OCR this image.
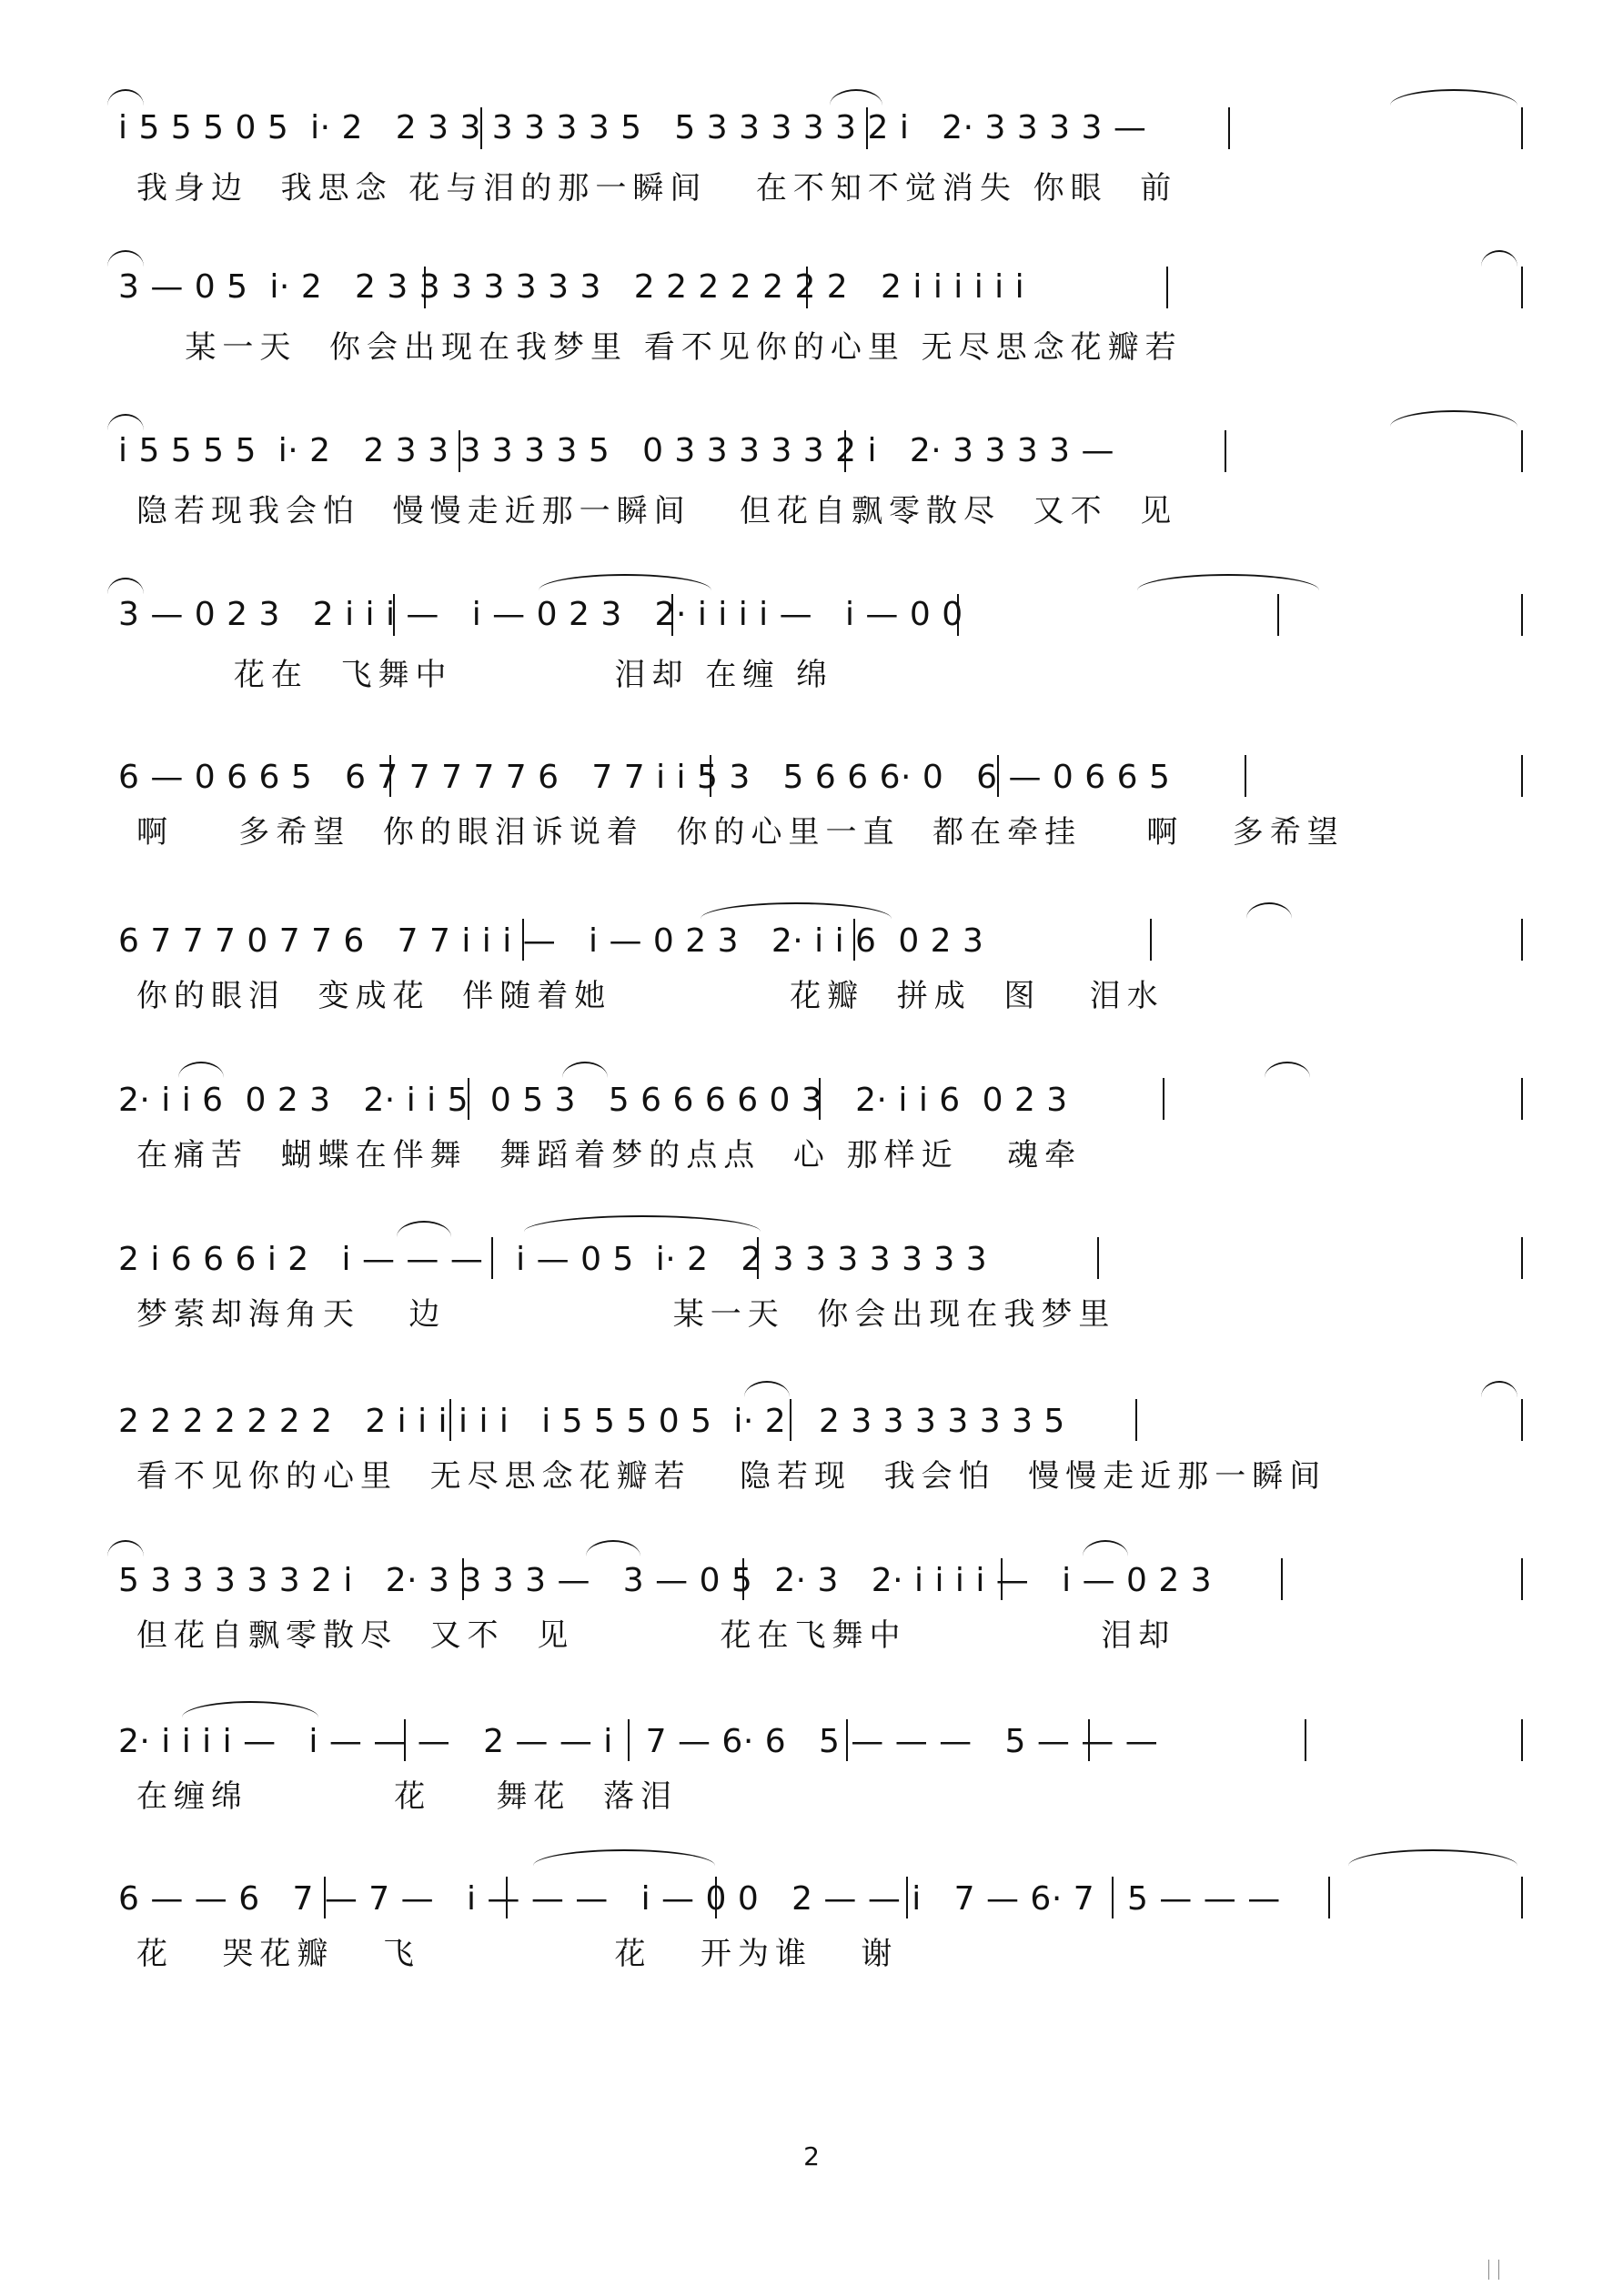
i 5 5 5 0 5  i· 2   2 3 3 3 3 3 3 5   5 3 3 3 3 3 2 i   2· 3 3 3 3 —
我身边  我思念 花与泪的那一瞬间   在不知不觉消失 你眼  前
3 — 0 5  i· 2   2 3 3 3 3 3 3 3   2 2 2 2 2 2 2   2 i i i i i i
某一天  你会出现在我梦里 看不见你的心里 无尽思念花瓣若
i 5 5 5 5  i· 2   2 3 3 3 3 3 3 5   0 3 3 3 3 3 2 i   2· 3 3 3 3 —
隐若现我会怕  慢慢走近那一瞬间   但花自飘零散尽  又不  见
3 — 0 2 3   2 i i i —   i — 0 2 3   2· i i i i —   i — 0 0
花在  飞舞中          泪却 在缠 绵
6 — 0 6 6 5   6 7 7 7 7 7 6   7 7 i i 5 3   5 6 6 6· 0   6 — 0 6 6 5
啊    多希望  你的眼泪诉说着  你的心里一直  都在牵挂    啊   多希望
6 7 7 7 0 7 7 6   7 7 i i i —   i — 0 2 3   2· i i 6  0 2 3
你的眼泪  变成花  伴随着她           花瓣  拼成  图   泪水
2· i i 6  0 2 3   2· i i 5  0 5 3   5 6 6 6 6 0 3   2· i i 6  0 2 3
在痛苦  蝴蝶在伴舞  舞蹈着梦的点点  心 那样近   魂牵
2 i 6 6 6 i 2   i — — —   i — 0 5  i· 2   2 3 3 3 3 3 3 3
梦萦却海角天   边              某一天  你会出现在我梦里
2 2 2 2 2 2 2   2 i i i i i i   i 5 5 5 0 5  i· 2   2 3 3 3 3 3 3 5
看不见你的心里  无尽思念花瓣若   隐若现  我会怕  慢慢走近那一瞬间
5 3 3 3 3 3 2 i   2· 3 3 3 3 —   3 — 0 5  2· 3   2· i i i i —   i — 0 2 3
但花自飘零散尽  又不  见         花在飞舞中            泪却
2· i i i i —   i — — —   2 — — i   7 — 6· 6   5 — — —   5 — — —
在缠绵         花    舞花  落泪
6 — — 6   7 — 7 —   i — — —   i — 0 0   2 — — i   7 — 6· 7   5 — — —
花   哭花瓣   飞            花   开为谁   谢
2
